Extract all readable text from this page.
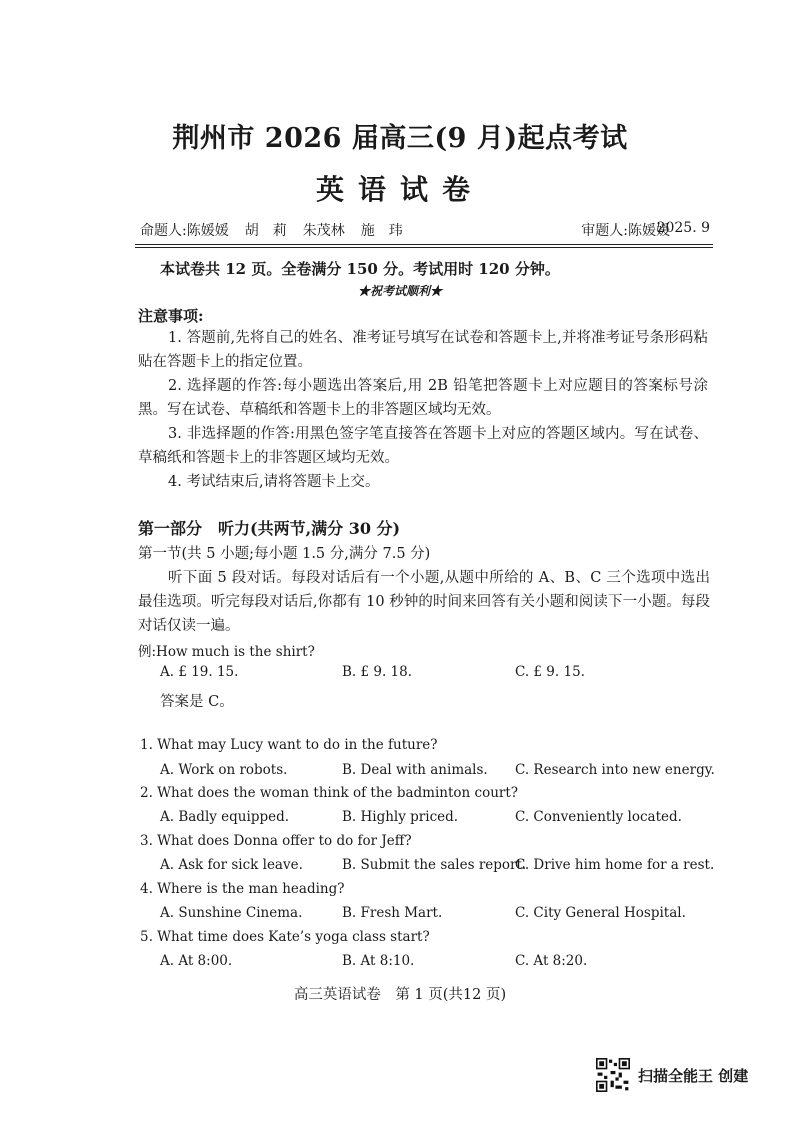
荆州市 2026 届高三(9 月)起点考试
英语试卷
命题人:陈媛媛 胡　莉 朱茂林 施　玮	审题人:陈媛媛
2025. 9
本试卷共 12 页。全卷满分 150 分。考试用时 120 分钟。
★祝考试顺利★
注意事项:

1. 答题前,先将自己的姓名、准考证号填写在试卷和答题卡上,并将准考证号条形码粘贴在答题卡上的指定位置。

2. 选择题的作答:每小题选出答案后,用 2B 铅笔把答题卡上对应题目的答案标号涂黑。写在试卷、草稿纸和答题卡上的非答题区域均无效。

3. 非选择题的作答:用黑色签字笔直接答在答题卡上对应的答题区域内。写在试卷、草稿纸和答题卡上的非答题区域均无效。

4. 考试结束后,请将答题卡上交。

第一部分　听力(共两节,满分 30 分)
第一节(共 5 小题;每小题 1.5 分,满分 7.5 分)
听下面 5 段对话。每段对话后有一个小题,从题中所给的 A、B、C 三个选项中选出最佳选项。听完每段对话后,你都有 10 秒钟的时间来回答有关小题和阅读下一小题。每段对话仅读一遍。
例:How much is the shirt?
A. £ 19. 15.	B. £ 9. 18.	C. £ 9. 15.
答案是 C。
1. What may Lucy want to do in the future?
A. Work on robots.	B. Deal with animals. C. Research into new energy.
2. What does the woman think of the badminton court?
A. Badly equipped.	B. Highly priced.	C. Conveniently located.
3. What does Donna offer to do for Jeff?
A. Ask for sick leave.	B. Submit the sales report.
C. Drive him home for a rest.
4. Where is the man heading?
A. Sunshine Cinema.	B. Fresh Mart.	C. City General Hospital.
5. What time does Kate’s yoga class start?
A. At 8:00.	B. At 8:10.	C. At 8:20.
高三英语试卷　第 1 页(共12 页)
扫描全能王 创建
